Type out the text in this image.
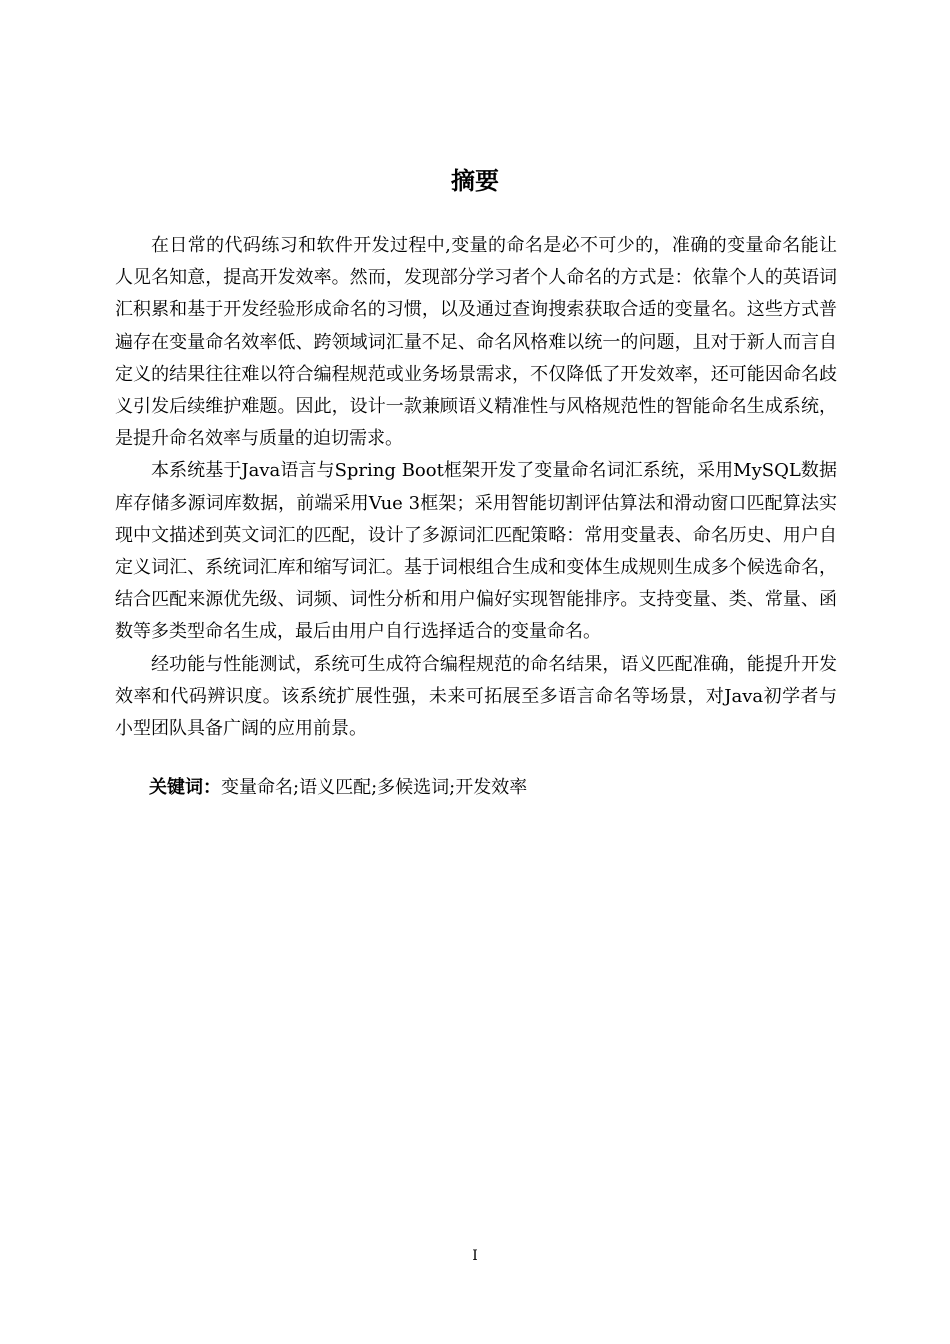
摘要

在日常的代码练习和软件开发过程中,变量的命名是必不可少的，准确的变量命名能让人见名知意，提高开发效率。然而，发现部分学习者个人命名的方式是：依靠个人的英语词汇积累和基于开发经验形成命名的习惯，以及通过查询搜索获取合适的变量名。这些方式普遍存在变量命名效率低、跨领域词汇量不足、命名风格难以统一的问题，且对于新人而言自定义的结果往往难以符合编程规范或业务场景需求，不仅降低了开发效率，还可能因命名歧义引发后续维护难题。因此，设计一款兼顾语义精准性与风格规范性的智能命名生成系统，是提升命名效率与质量的迫切需求。

本系统基于Java语言与Spring Boot框架开发了变量命名词汇系统，采用MySQL数据库存储多源词库数据，前端采用Vue 3框架；采用智能切割评估算法和滑动窗口匹配算法实现中文描述到英文词汇的匹配，设计了多源词汇匹配策略：常用变量表、命名历史、用户自定义词汇、系统词汇库和缩写词汇。基于词根组合生成和变体生成规则生成多个候选命名，结合匹配来源优先级、词频、词性分析和用户偏好实现智能排序。支持变量、类、常量、函数等多类型命名生成，最后由用户自行选择适合的变量命名。

经功能与性能测试，系统可生成符合编程规范的命名结果，语义匹配准确，能提升开发效率和代码辨识度。该系统扩展性强，未来可拓展至多语言命名等场景，对Java初学者与小型团队具备广阔的应用前景。

关键词：变量命名;语义匹配;多候选词;开发效率
I
